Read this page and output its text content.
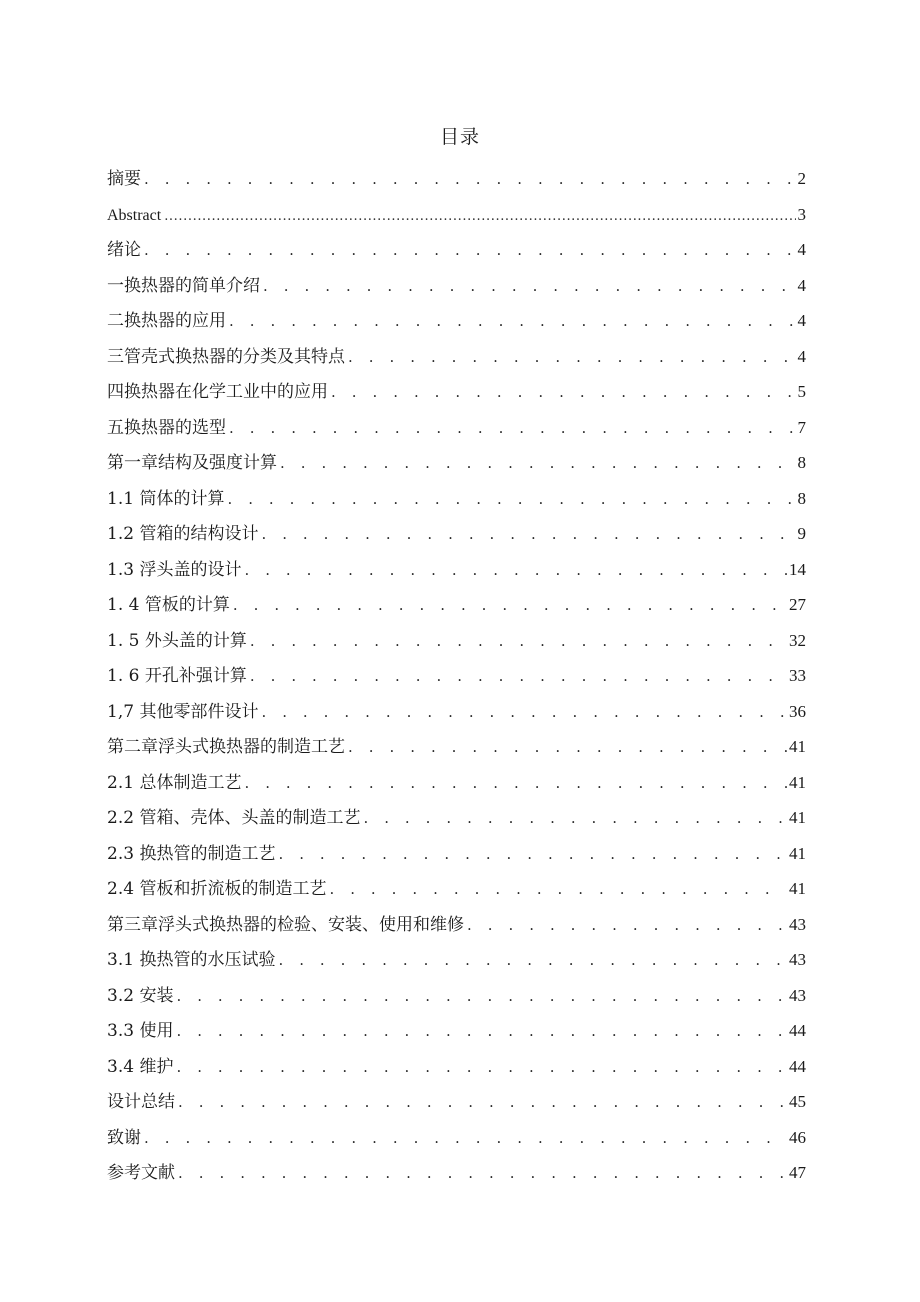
目录
摘要 . . .	2
Abstract .....	3
绪论 . . .	4
一换热器的简单介绍 . . .	4
二换热器的应用 . . .	4
三管壳式换热器的分类及其特点 . . .	4
四换热器在化学工业中的应用 . . .	5
五换热器的选型 . . .	7
第一章结构及强度计算 . . .	8
1.1 筒体的计算 . . .	8
1.2 管箱的结构设计 . . .	9
1.3 浮头盖的设计 . . .	14
1. 4 管板的计算 . . .	27
1. 5 外头盖的计算 . . .	32
1. 6 开孔补强计算 . . .	33
1,7 其他零部件设计 . . .	36
第二章浮头式换热器的制造工艺 . . .	41
2.1 总体制造工艺 . . .	41
2.2 管箱、壳体、头盖的制造工艺 . . .	41
2.3 换热管的制造工艺 . . .	41
2.4 管板和折流板的制造工艺 . . .	41
第三章浮头式换热器的检验、安装、使用和维修 . . .	43
3.1 换热管的水压试验 . . .	43
3.2 安装 . . .	43
3.3 使用 . . .	44
3.4 维护 . . .	44
设计总结 . . .	45
致谢 . . .	46
参考文献 . . .	47
